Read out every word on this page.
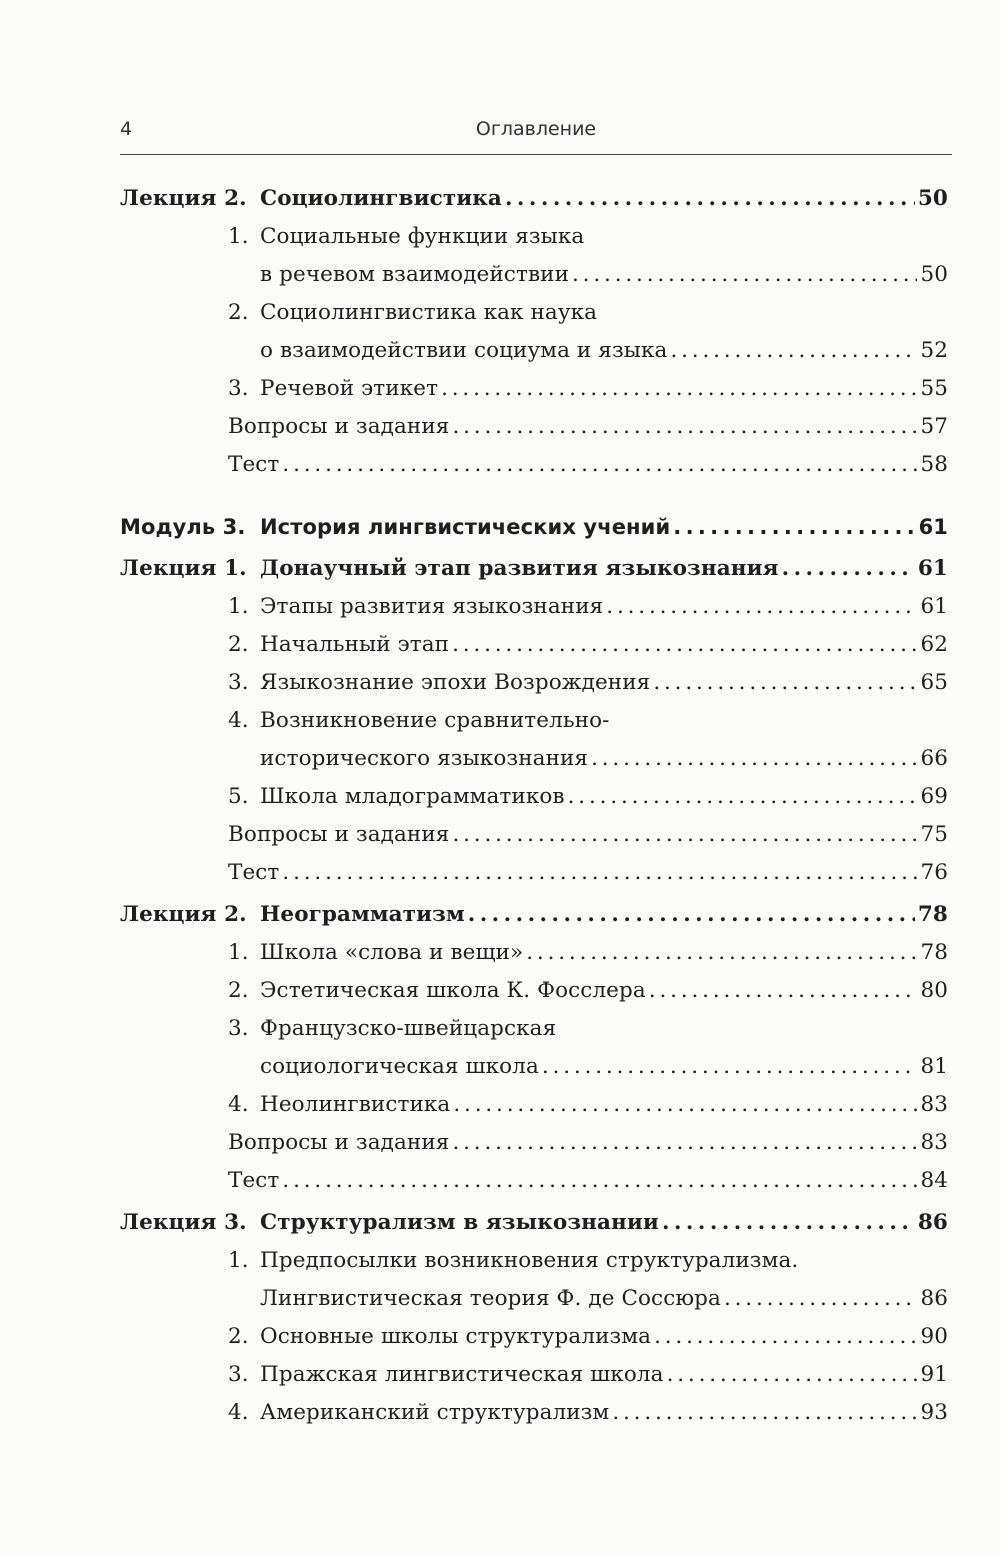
4	Оглавление
Лекция 2. Социолингвистика . . .	50
1. Социальные функции языка
в речевом взаимодействии . . .	50
2. Социолингвистика как наука
о взаимодействии социума и языка . . .	52
3. Речевой этикет . . .	55
Вопросы и задания . . .	57
Тест . . .	58
Модуль 3. История лингвистических учений . . .	61
Лекция 1. Донаучный этап развития языкознания . . .	61
1. Этапы развития языкознания . . .	61
2. Начальный этап . . .	62
3. Языкознание эпохи Возрождения . . .	65
4. Возникновение сравнительно-
исторического языкознания . . .	66
5. Школа младограмматиков . . .	69
Вопросы и задания . . .	75
Тест . . .	76
Лекция 2. Неограмматизм . . .	78
1. Школа «слова и вещи» . . .	78
2. Эстетическая школа К. Фосслера . . .	80
3. Французско-швейцарская
социологическая школа . . .	81
4. Неолингвистика . . .	83
Вопросы и задания . . .	83
Тест . . .	84
Лекция 3. Структурализм в языкознании . . .	86
1. Предпосылки возникновения структурализма.
Лингвистическая теория Ф. де Соссюра . . .	86
2. Основные школы структурализма . . .	90
3. Пражская лингвистическая школа . . .	91
4. Американский структурализм . . .	93
